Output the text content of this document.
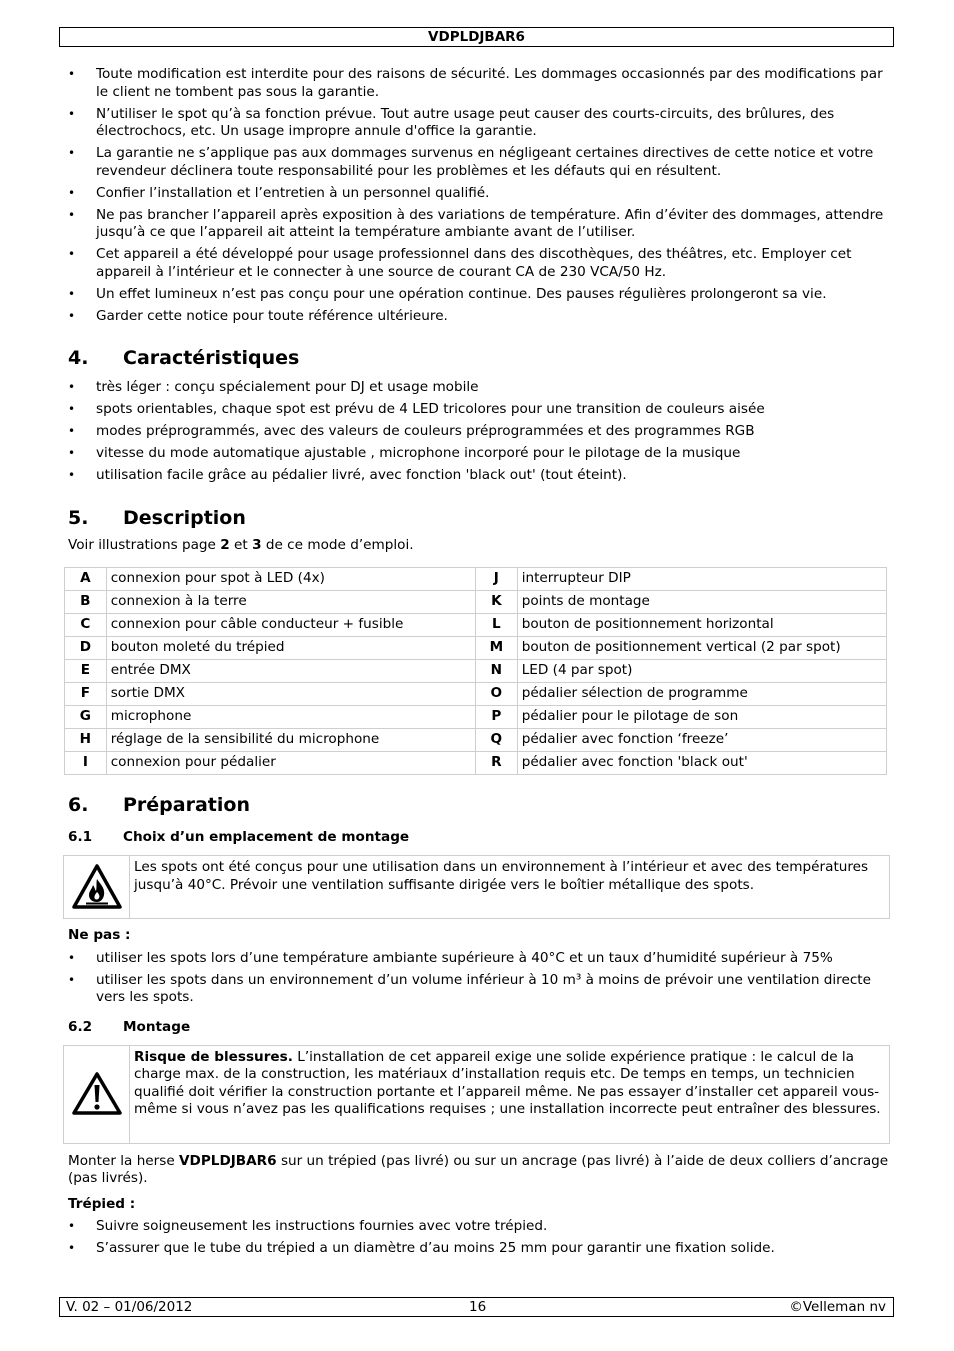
VDPLDJBAR6
• Toute modification est interdite pour des raisons de sécurité. Les dommages occasionnés par des modifications par le client ne tombent pas sous la garantie.
• N’utiliser le spot qu’à sa fonction prévue. Tout autre usage peut causer des courts-circuits, des brûlures, des électrochocs, etc. Un usage impropre annule d'office la garantie.
• La garantie ne s’applique pas aux dommages survenus en négligeant certaines directives de cette notice et votre revendeur déclinera toute responsabilité pour les problèmes et les défauts qui en résultent.
• Confier l’installation et l’entretien à un personnel qualifié.
• Ne pas brancher l’appareil après exposition à des variations de température. Afin d’éviter des dommages, attendre jusqu’à ce que l’appareil ait atteint la température ambiante avant de l’utiliser.
• Cet appareil a été développé pour usage professionnel dans des discothèques, des théâtres, etc. Employer cet appareil à l’intérieur et le connecter à une source de courant CA de 230 VCA/50 Hz.
• Un effet lumineux n’est pas conçu pour une opération continue. Des pauses régulières prolongeront sa vie.
• Garder cette notice pour toute référence ultérieure.
4. Caractéristiques
• très léger : conçu spécialement pour DJ et usage mobile
• spots orientables, chaque spot est prévu de 4 LED tricolores pour une transition de couleurs aisée
• modes préprogrammés, avec des valeurs de couleurs préprogrammées et des programmes RGB
• vitesse du mode automatique ajustable , microphone incorporé pour le pilotage de la musique
• utilisation facile grâce au pédalier livré, avec fonction 'black out' (tout éteint).
5. Description

Voir illustrations page 2 et 3 de ce mode d’emploi.

A	connexion pour spot à LED (4x)	J	interrupteur DIP
B	connexion à la terre	K	points de montage
C	connexion pour câble conducteur + fusible	L	bouton de positionnement horizontal
D	bouton moleté du trépied	M	bouton de positionnement vertical (2 par spot)
E	entrée DMX	N	LED (4 par spot)
F	sortie DMX	O	pédalier sélection de programme
G	microphone	P	pédalier pour le pilotage de son
H	réglage de la sensibilité du microphone	Q	pédalier avec fonction ‘freeze’
I	connexion pour pédalier	R	pédalier avec fonction 'black out'
6. Préparation
6.1 Choix d’un emplacement de montage
Les spots ont été conçus pour une utilisation dans un environnement à l’intérieur et avec des températures jusqu’à 40°C. Prévoir une ventilation suffisante dirigée vers le boîtier métallique des spots.

Ne pas :

• utiliser les spots lors d’une température ambiante supérieure à 40°C et un taux d’humidité supérieur à 75%
• utiliser les spots dans un environnement d’un volume inférieur à 10 m³ à moins de prévoir une ventilation directe vers les spots.
6.2 Montage
Risque de blessures. L’installation de cet appareil exige une solide expérience pratique : le calcul de la charge max. de la construction, les matériaux d’installation requis etc. De temps en temps, un technicien qualifié doit vérifier la construction portante et l’appareil même. Ne pas essayer d’installer cet appareil vous-même si vous n’avez pas les qualifications requises ; une installation incorrecte peut entraîner des blessures.

Monter la herse VDPLDJBAR6 sur un trépied (pas livré) ou sur un ancrage (pas livré) à l’aide de deux colliers d’ancrage (pas livrés).

Trépied :

• Suivre soigneusement les instructions fournies avec votre trépied.
• S’assurer que le tube du trépied a un diamètre d’au moins 25 mm pour garantir une fixation solide.
V. 02 – 01/06/2012	16	©Velleman nv
